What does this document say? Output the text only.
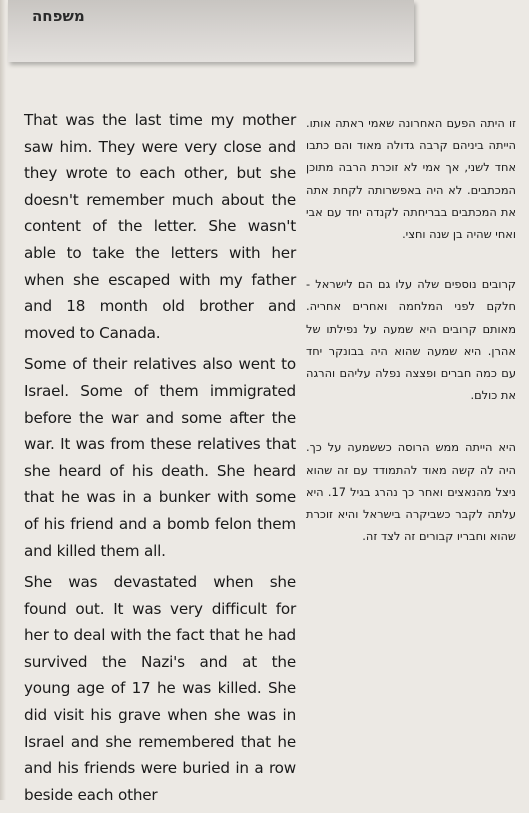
משפחה

That was the last time my mother saw him. They were very close and they wrote to each other, but she doesn't remember much about the content of the letter. She wasn't able to take the letters with her when she escaped with my father and 18 month old brother and moved to Canada.

Some of their relatives also went to Israel. Some of them immigrated before the war and some after the war. It was from these relatives that she heard of his death. She heard that he was in a bunker with some of his friend and a bomb felon them and killed them all.

She was devastated when she found out. It was very difficult for her to deal with the fact that he had survived the Nazi's and at the young age of 17 he was killed. She did visit his grave when she was in Israel and she remembered that he and his friends were buried in a row beside each other

זו היתה הפעם האחרונה שאמי ראתה אותו. הייתה ביניהם קרבה גדולה מאוד והם כתבו אחד לשני, אך אמי לא זוכרת הרבה מתוכן המכתבים. לא היה באפשרותה לקחת אתה את המכתבים בבריחתה לקנדה יחד עם אבי ואחי שהיה בן שנה וחצי.

קרובים נוספים שלה עלו גם הם לישראל - חלקם לפני המלחמה ואחרים אחריה. מאותם קרובים היא שמעה על נפילתו של אהרן. היא שמעה שהוא היה בבונקר יחד עם כמה חברים ופצצה נפלה עליהם והרגה את כולם.

היא הייתה ממש הרוסה כששמעה על כך. היה לה קשה מאוד להתמודד עם זה שהוא ניצל מהנאצים ואחר כך נהרג בגיל 17. היא עלתה לקבר כשביקרה בישראל והיא זוכרת שהוא וחבריו קבורים זה לצד זה.
